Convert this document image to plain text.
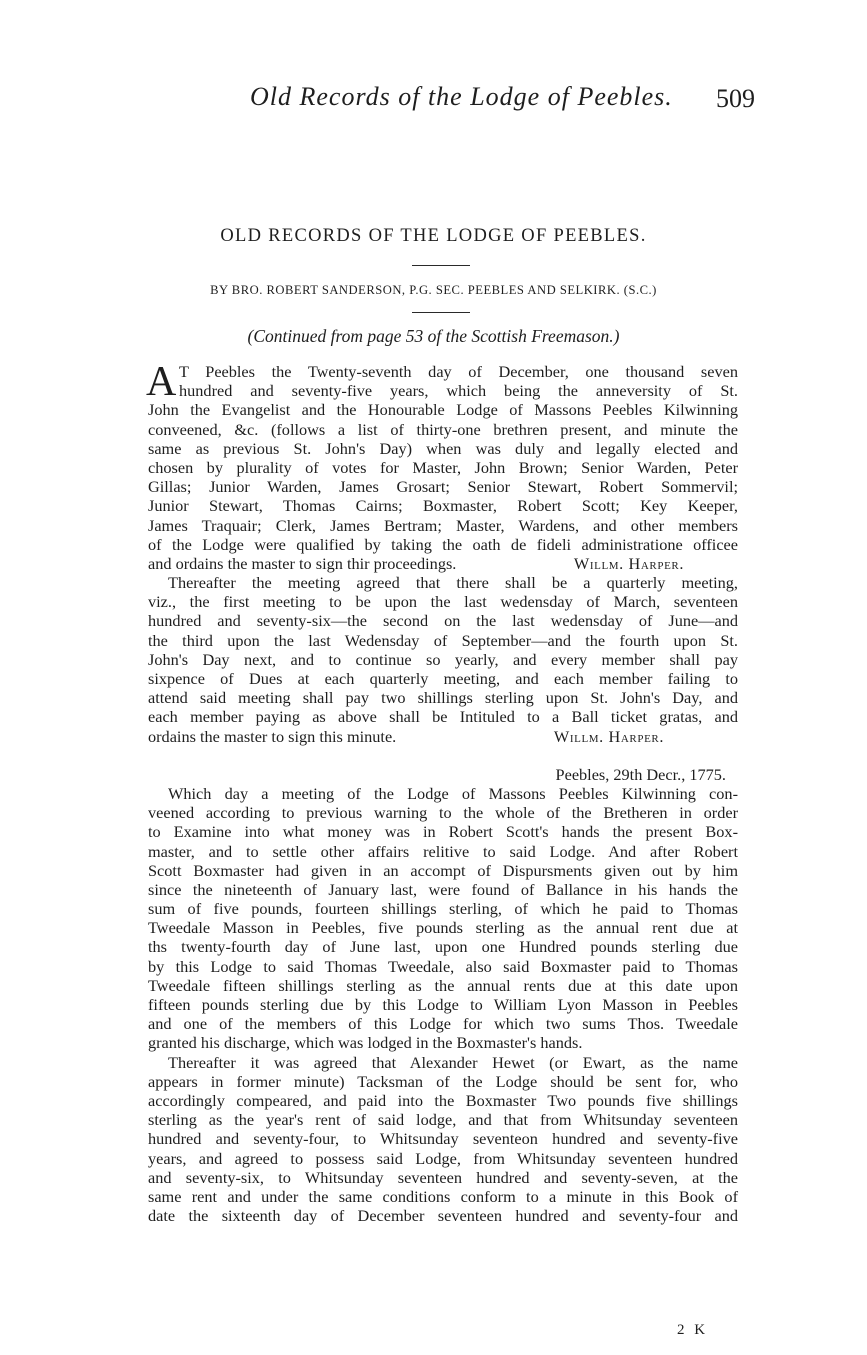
Old Records of the Lodge of Peebles. 509
OLD RECORDS OF THE LODGE OF PEEBLES.
BY BRO. ROBERT SANDERSON, P.G. SEC. PEEBLES AND SELKIRK. (S.C.)
(Continued from page 53 of the Scottish Freemason.)
A T Peebles the Twenty-seventh day of December, one thousand seven
hundred and seventy-five years, which being the anneversity of St.
John the Evangelist and the Honourable Lodge of Massons Peebles Kilwinning
conveened, &c. (follows a list of thirty-one brethren present, and minute the
same as previous St. John's Day) when was duly and legally elected and
chosen by plurality of votes for Master, John Brown; Senior Warden, Peter
Gillas; Junior Warden, James Grosart; Senior Stewart, Robert Sommervil;
Junior Stewart, Thomas Cairns; Boxmaster, Robert Scott; Key Keeper,
James Traquair; Clerk, James Bertram; Master, Wardens, and other members
of the Lodge were qualified by taking the oath de fideli administratione officee
and ordains the master to sign thir proceedings.	Willm. Harper.
Thereafter the meeting agreed that there shall be a quarterly meeting,
viz., the first meeting to be upon the last wedensday of March, seventeen
hundred and seventy-six—the second on the last wedensday of June—and
the third upon the last Wedensday of September—and the fourth upon St.
John's Day next, and to continue so yearly, and every member shall pay
sixpence of Dues at each quarterly meeting, and each member failing to
attend said meeting shall pay two shillings sterling upon St. John's Day, and
each member paying as above shall be Intituled to a Ball ticket gratas, and
ordains the master to sign this minute.	Willm. Harper.
Peebles, 29th Decr., 1775.
Which day a meeting of the Lodge of Massons Peebles Kilwinning con-
veened according to previous warning to the whole of the Bretheren in order
to Examine into what money was in Robert Scott's hands the present Box-
master, and to settle other affairs relitive to said Lodge. And after Robert
Scott Boxmaster had given in an accompt of Dispursments given out by him
since the nineteenth of January last, were found of Ballance in his hands the
sum of five pounds, fourteen shillings sterling, of which he paid to Thomas
Tweedale Masson in Peebles, five pounds sterling as the annual rent due at
ths twenty-fourth day of June last, upon one Hundred pounds sterling due
by this Lodge to said Thomas Tweedale, also said Boxmaster paid to Thomas
Tweedale fifteen shillings sterling as the annual rents due at this date upon
fifteen pounds sterling due by this Lodge to William Lyon Masson in Peebles
and one of the members of this Lodge for which two sums Thos. Tweedale
granted his discharge, which was lodged in the Boxmaster's hands.
Thereafter it was agreed that Alexander Hewet (or Ewart, as the name
appears in former minute) Tacksman of the Lodge should be sent for, who
accordingly compeared, and paid into the Boxmaster Two pounds five shillings
sterling as the year's rent of said lodge, and that from Whitsunday seventeen
hundred and seventy-four, to Whitsunday seventeon hundred and seventy-five
years, and agreed to possess said Lodge, from Whitsunday seventeen hundred
and seventy-six, to Whitsunday seventeen hundred and seventy-seven, at the
same rent and under the same conditions conform to a minute in this Book of
date the sixteenth day of December seventeen hundred and seventy-four and
2 K
